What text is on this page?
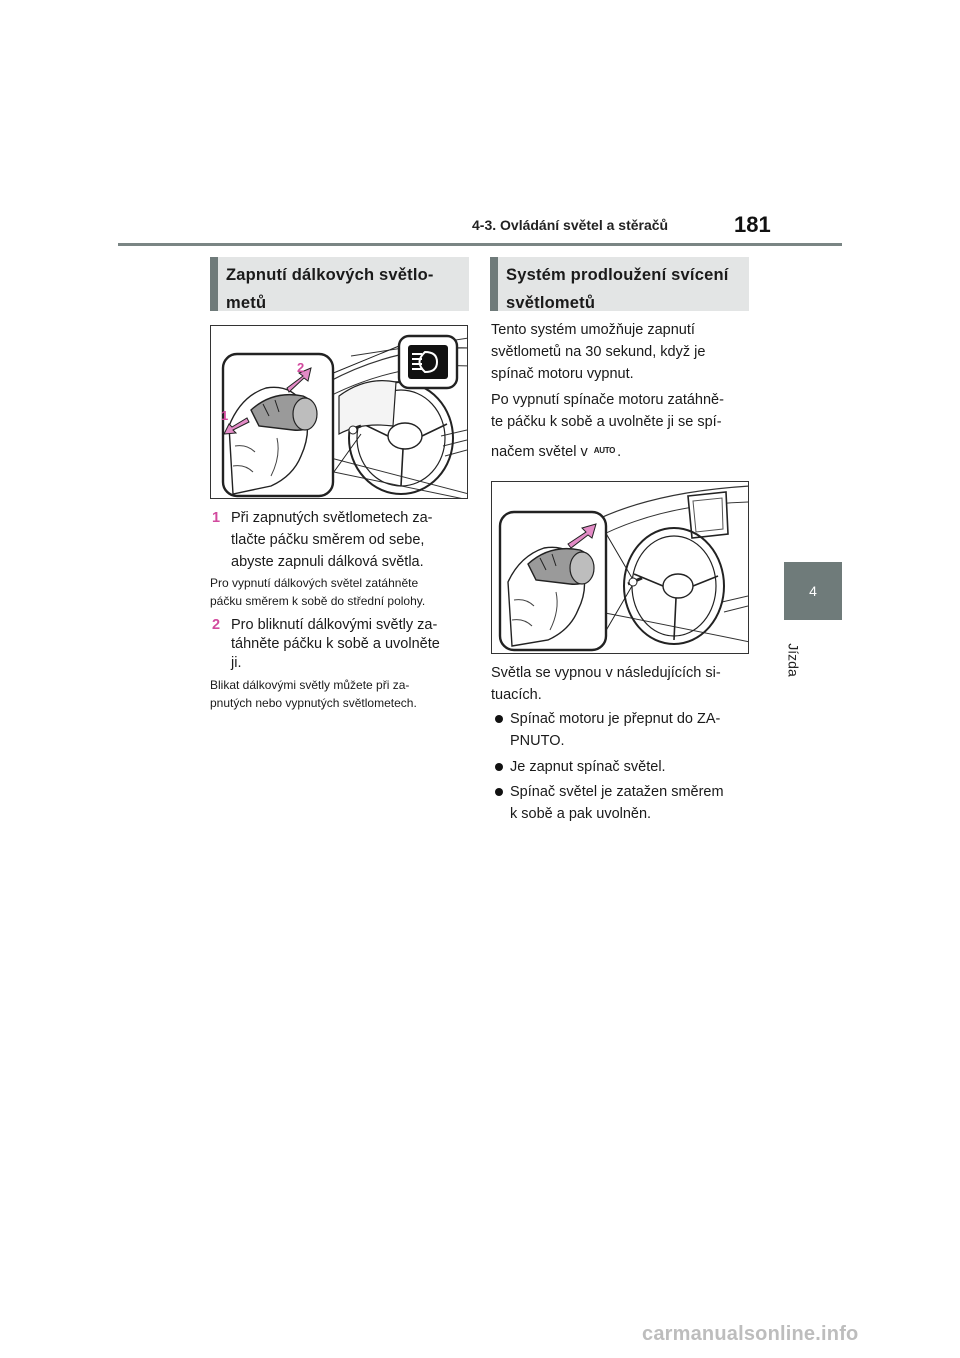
4-3. Ovládání světel a stěračů	181
4
Jízda
Zapnutí dálkových světlo-
metů
2
1
1 Při zapnutých světlometech za-
tlačte páčku směrem od sebe,
abyste zapnuli dálková světla.
Pro vypnutí dálkových světel zatáhněte
páčku směrem k sobě do střední polohy.
2 Pro bliknutí dálkovými světly za-
táhněte páčku k sobě a uvolněte
ji.
Blikat dálkovými světly můžete při za-
pnutých nebo vypnutých světlometech.
Systém prodloužení svícení
světlometů
Tento systém umožňuje zapnutí
světlometů na 30 sekund, když je
spínač motoru vypnut.
Po vypnutí spínače motoru zatáhně-
te páčku k sobě a uvolněte ji se spí-
načem světel v AUTO .
Světla se vypnou v následujících si-
tuacích.
Spínač motoru je přepnut do ZA-
PNUTO.
Je zapnut spínač světel.
Spínač světel je zatažen směrem
k sobě a pak uvolněn.
carmanualsonline.info
